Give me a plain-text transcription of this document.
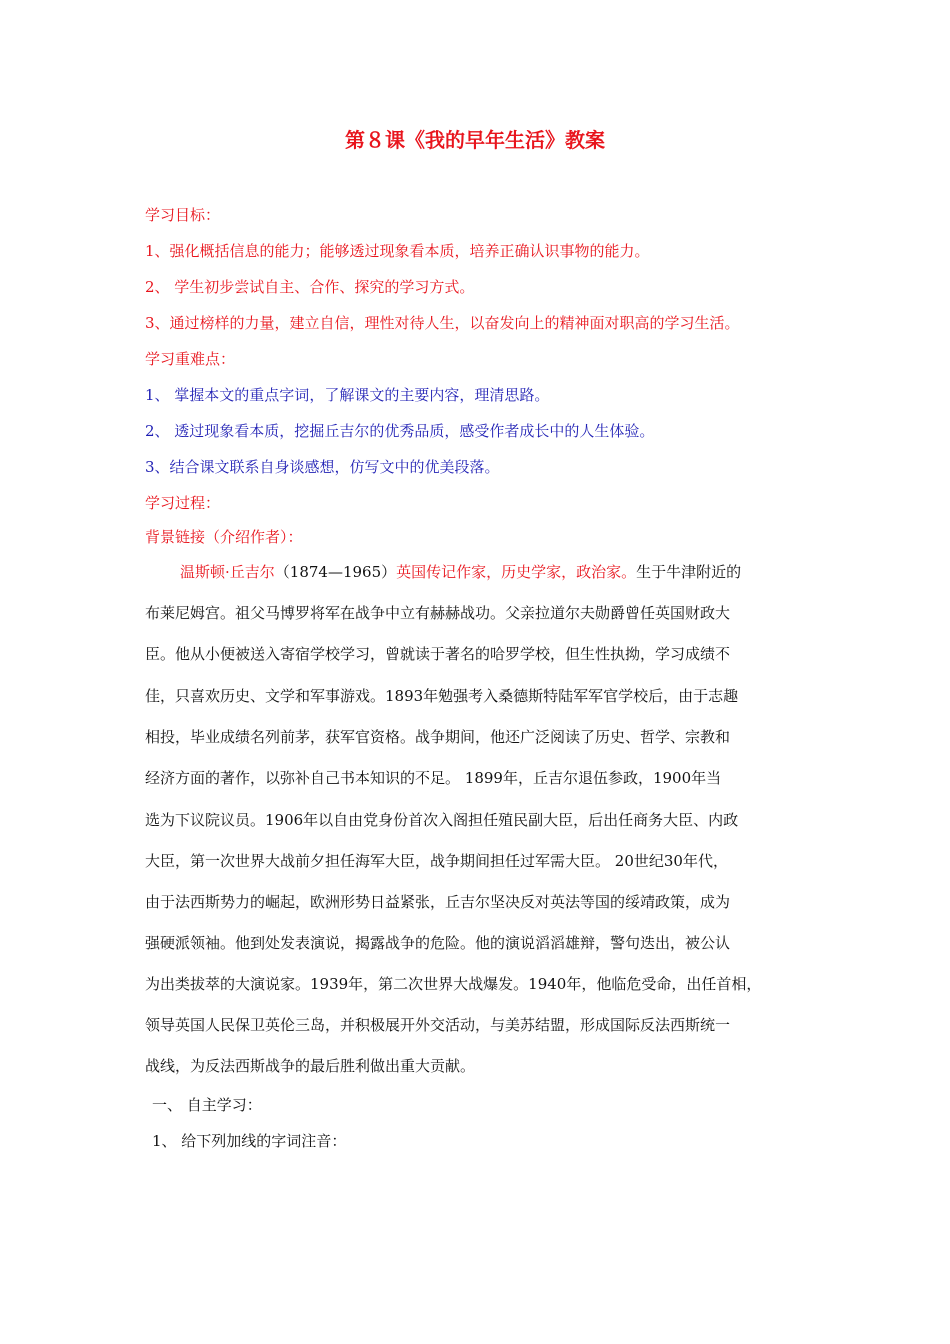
第８课《我的早年生活》教案
学习目标：
1、强化概括信息的能力；能够透过现象看本质，培养正确认识事物的能力。
2、 学生初步尝试自主、合作、探究的学习方式。
3、通过榜样的力量，建立自信，理性对待人生，以奋发向上的精神面对职高的学习生活。
学习重难点：
1、 掌握本文的重点字词，了解课文的主要内容，理清思路。
2、 透过现象看本质，挖掘丘吉尔的优秀品质，感受作者成长中的人生体验。
3、结合课文联系自身谈感想，仿写文中的优美段落。
学习过程：
背景链接（介绍作者）：
温斯顿·丘吉尔（1874—1965）英国传记作家，历史学家，政治家。生于牛津附近的
布莱尼姆宫。祖父马博罗将军在战争中立有赫赫战功。父亲拉道尔夫勋爵曾任英国财政大
臣。他从小便被送入寄宿学校学习，曾就读于著名的哈罗学校，但生性执拗，学习成绩不
佳，只喜欢历史、文学和军事游戏。1893年勉强考入桑德斯特陆军军官学校后，由于志趣
相投，毕业成绩名列前茅，获军官资格。战争期间，他还广泛阅读了历史、哲学、宗教和
经济方面的著作，以弥补自己书本知识的不足。 1899年，丘吉尔退伍参政，1900年当
选为下议院议员。1906年以自由党身份首次入阁担任殖民副大臣，后出任商务大臣、内政
大臣，第一次世界大战前夕担任海军大臣，战争期间担任过军需大臣。 20世纪30年代，
由于法西斯势力的崛起，欧洲形势日益紧张，丘吉尔坚决反对英法等国的绥靖政策，成为
强硬派领袖。他到处发表演说，揭露战争的危险。他的演说滔滔雄辩，警句迭出，被公认
为出类拔萃的大演说家。1939年，第二次世界大战爆发。1940年，他临危受命，出任首相，
领导英国人民保卫英伦三岛，并积极展开外交活动，与美苏结盟，形成国际反法西斯统一
战线，为反法西斯战争的最后胜利做出重大贡献。
一、 自主学习：
1、 给下列加线的字词注音：
